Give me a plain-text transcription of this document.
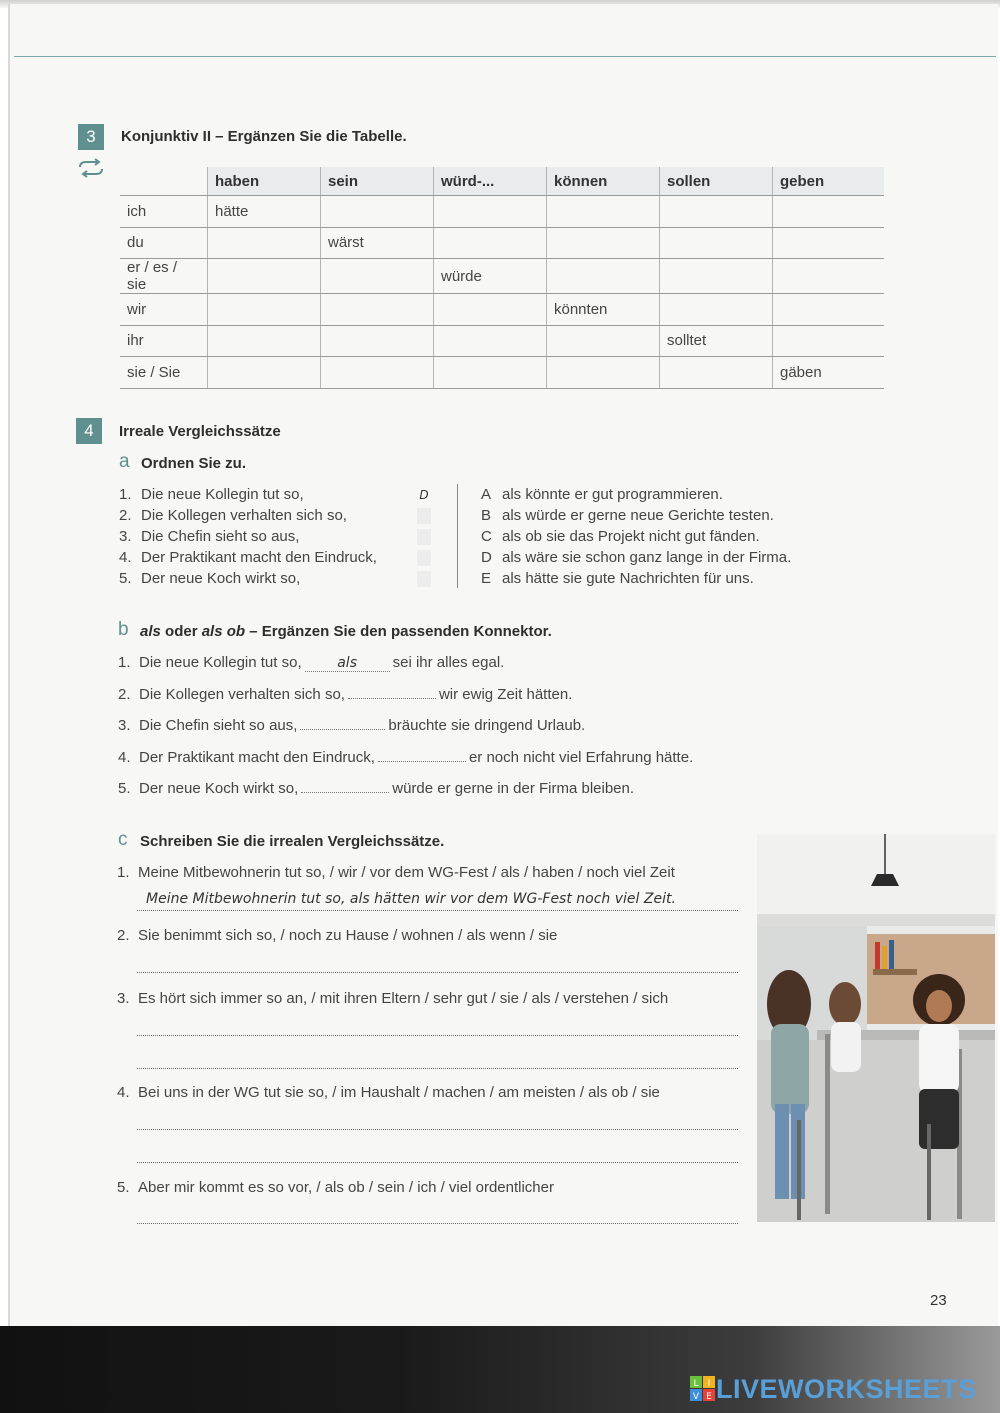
3	Konjunktiv II – Ergänzen Sie die Tabelle.
	haben	sein	würd-...	können	sollen	geben
ich	hätte					
du		wärst				
er / es / sie			würde			
wir				könnten		
ihr					solltet	
sie / Sie						gäben
4	Irreale Vergleichssätze
a Ordnen Sie zu.
1. Die neue Kollegin tut so,	D
2. Die Kollegen verhalten sich so,
3. Die Chefin sieht so aus,
4. Der Praktikant macht den Eindruck,
5. Der neue Koch wirkt so,
A als könnte er gut programmieren.
B als würde er gerne neue Gerichte testen.
C als ob sie das Projekt nicht gut fänden.
D als wäre sie schon ganz lange in der Firma.
E als hätte sie gute Nachrichten für uns.
b als oder als ob – Ergänzen Sie den passenden Konnektor.
1. Die neue Kollegin tut so,	als sei ihr alles egal.
2. Die Kollegen verhalten sich so,	wir ewig Zeit hätten.
3. Die Chefin sieht so aus,	bräuchte sie dringend Urlaub.
4. Der Praktikant macht den Eindruck,	er noch nicht viel Erfahrung hätte.
5. Der neue Koch wirkt so,	würde er gerne in der Firma bleiben.
c Schreiben Sie die irrealen Vergleichssätze.
1. Meine Mitbewohnerin tut so, / wir / vor dem WG-Fest / als / haben / noch viel Zeit
Meine Mitbewohnerin tut so, als hätten wir vor dem WG-Fest noch viel Zeit.
2. Sie benimmt sich so, / noch zu Hause / wohnen / als wenn / sie
3. Es hört sich immer so an, / mit ihren Eltern / sehr gut / sie / als / verstehen / sich
4. Bei uns in der WG tut sie so, / im Haushalt / machen / am meisten / als ob / sie
5. Aber mir kommt es so vor, / als ob / sein / ich / viel ordentlicher
23
L I
V E LIVEWORKSHEETS
